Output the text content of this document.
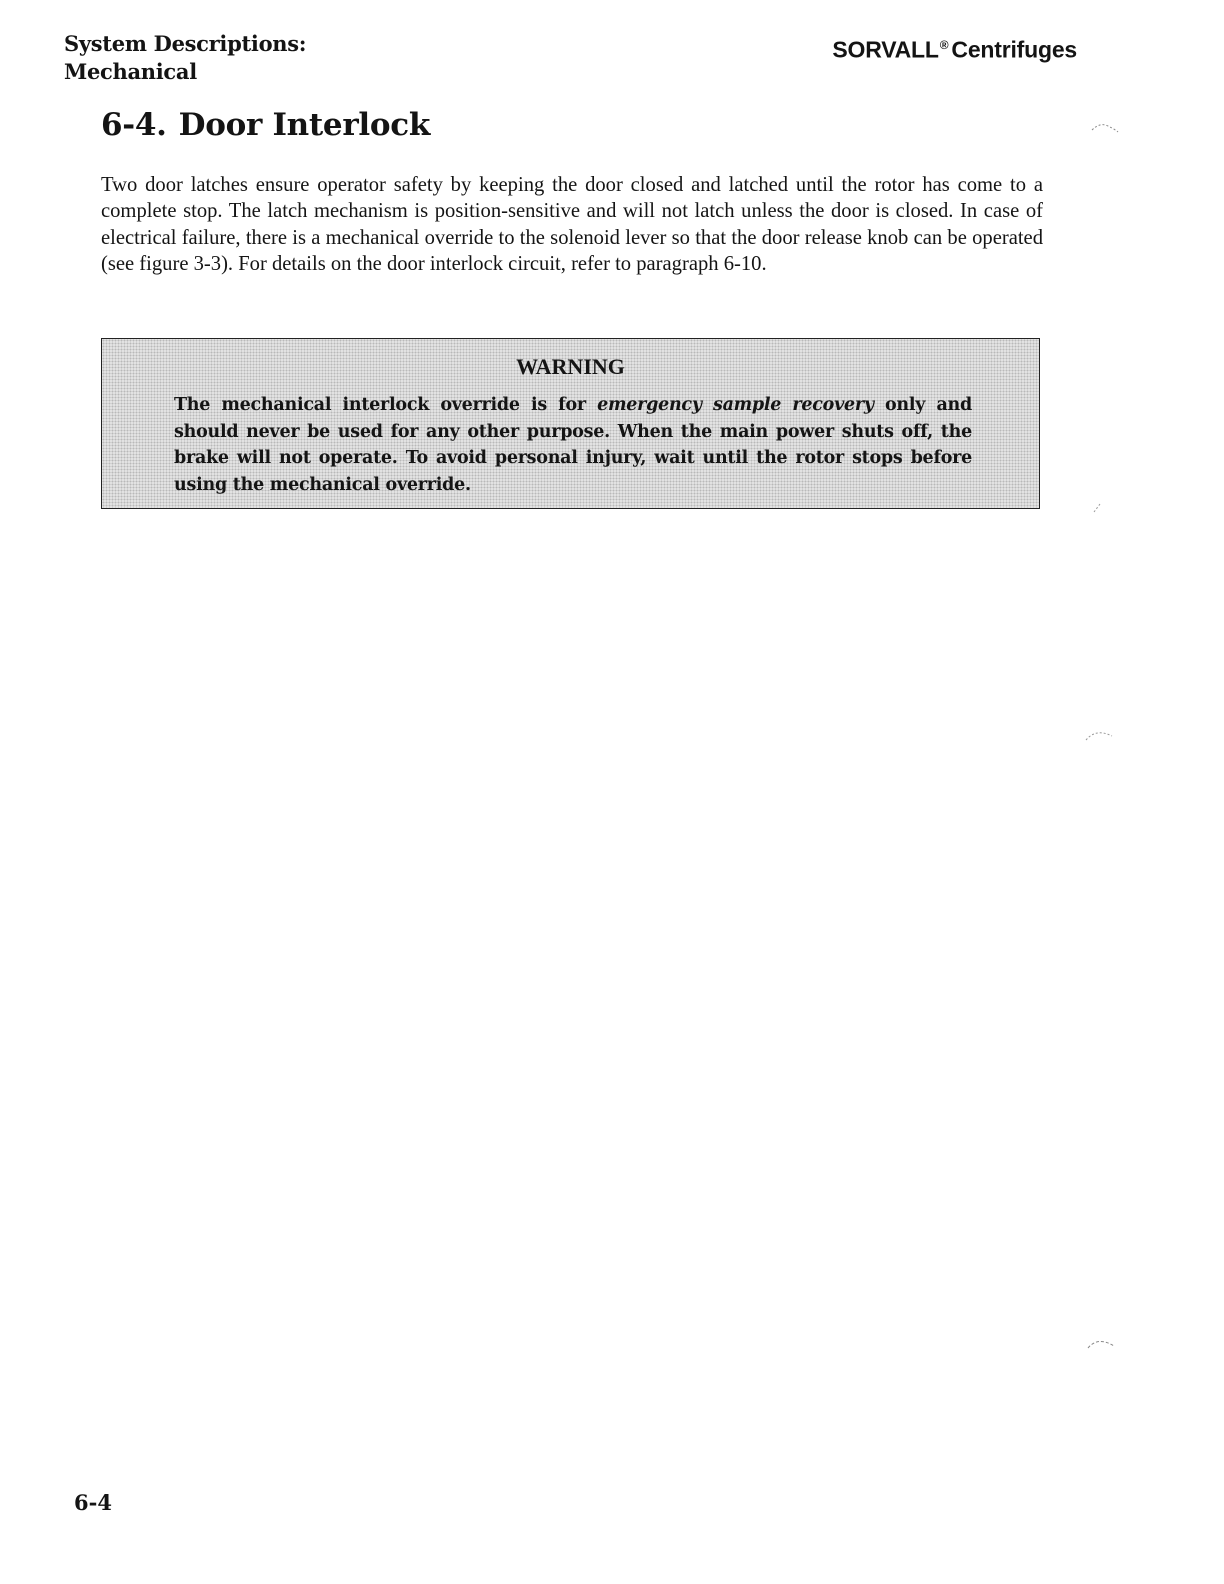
System Descriptions:
Mechanical
SORVALL® Centrifuges
6-4. Door Interlock

Two door latches ensure operator safety by keeping the door closed and latched until the rotor has come to a complete stop. The latch mechanism is position-sensitive and will not latch unless the door is closed. In case of electrical failure, there is a mechanical override to the solenoid lever so that the door release knob can be operated (see figure 3-3). For details on the door interlock circuit, refer to paragraph 6-10.

WARNING

The mechanical interlock override is for emergency sample recovery only and should never be used for any other purpose. When the main power shuts off, the brake will not operate. To avoid personal injury, wait until the rotor stops before using the mechanical override.

6-4
